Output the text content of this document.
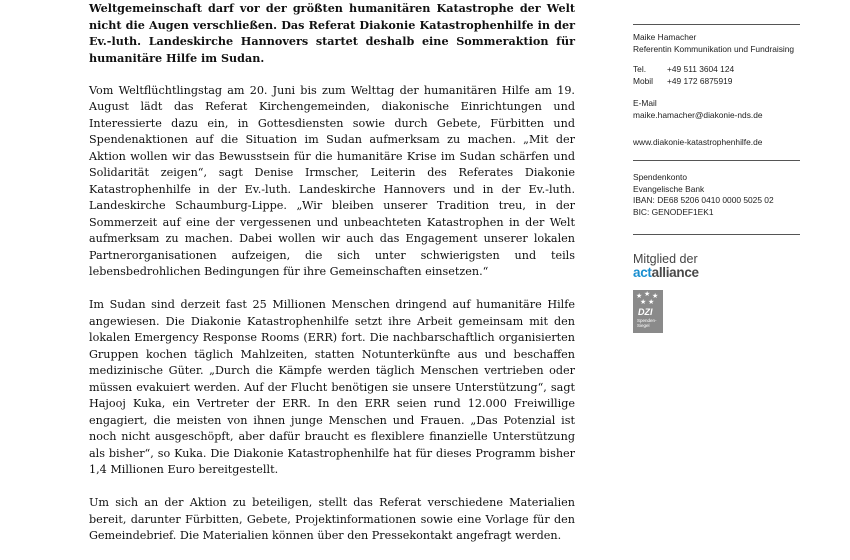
Weltgemeinschaft darf vor der größten humanitären Katastrophe der Welt nicht die Augen verschließen. Das Referat Diakonie Katastrophenhilfe in der Ev.-luth. Landeskirche Hannovers startet deshalb eine Sommeraktion für humanitäre Hilfe im Sudan.

Vom Weltflüchtlingstag am 20. Juni bis zum Welttag der humanitären Hilfe am 19. August lädt das Referat Kirchengemeinden, diakonische Einrichtungen und Interessierte dazu ein, in Gottesdiensten sowie durch Gebete, Fürbitten und Spendenaktionen auf die Situation im Sudan aufmerksam zu machen. „Mit der Aktion wollen wir das Bewusstsein für die humanitäre Krise im Sudan schärfen und Solidarität zeigen“, sagt Denise Irmscher, Leiterin des Referates Diakonie Katastrophenhilfe in der Ev.-luth. Landeskirche Hannovers und in der Ev.-luth. Landeskirche Schaumburg-Lippe. „Wir bleiben unserer Tradition treu, in der Sommerzeit auf eine der vergessenen und unbeachteten Katastrophen in der Welt aufmerksam zu machen. Dabei wollen wir auch das Engagement unserer lokalen Partnerorganisationen aufzeigen, die sich unter schwierigsten und teils lebensbedrohlichen Bedingungen für ihre Gemeinschaften einsetzen.“

Im Sudan sind derzeit fast 25 Millionen Menschen dringend auf humanitäre Hilfe angewiesen. Die Diakonie Katastrophenhilfe setzt ihre Arbeit gemeinsam mit den lokalen Emergency Response Rooms (ERR) fort. Die nachbarschaftlich organisierten Gruppen kochen täglich Mahlzeiten, statten Notunterkünfte aus und beschaffen medizinische Güter. „Durch die Kämpfe werden täglich Menschen vertrieben oder müssen evakuiert werden. Auf der Flucht benötigen sie unsere Unterstützung“, sagt Hajooj Kuka, ein Vertreter der ERR. In den ERR seien rund 12.000 Freiwillige engagiert, die meisten von ihnen junge Menschen und Frauen. „Das Potenzial ist noch nicht ausgeschöpft, aber dafür braucht es flexiblere finanzielle Unterstützung als bisher“, so Kuka. Die Diakonie Katastrophenhilfe hat für dieses Programm bisher 1,4 Millionen Euro bereitgestellt.

Um sich an der Aktion zu beteiligen, stellt das Referat verschiedene Materialien bereit, darunter Fürbitten, Gebete, Projektinformationen sowie eine Vorlage für den Gemeindebrief. Die Materialien können über den Pressekontakt angefragt werden.

Maike Hamacher
Referentin Kommunikation und Fundraising
Tel.	+49 511 3604 124
Mobil	+49 172 6875919
E-Mail
maike.hamacher@diakonie-nds.de
www.diakonie-katastrophenhilfe.de
Spendenkonto
Evangelische Bank
IBAN: DE68 5206 0410 0000 5025 02
BIC: GENODEF1EK1
Mitglied der
actalliance
★ ★ ★
★ ★
DZI
Spenden-
Siegel
